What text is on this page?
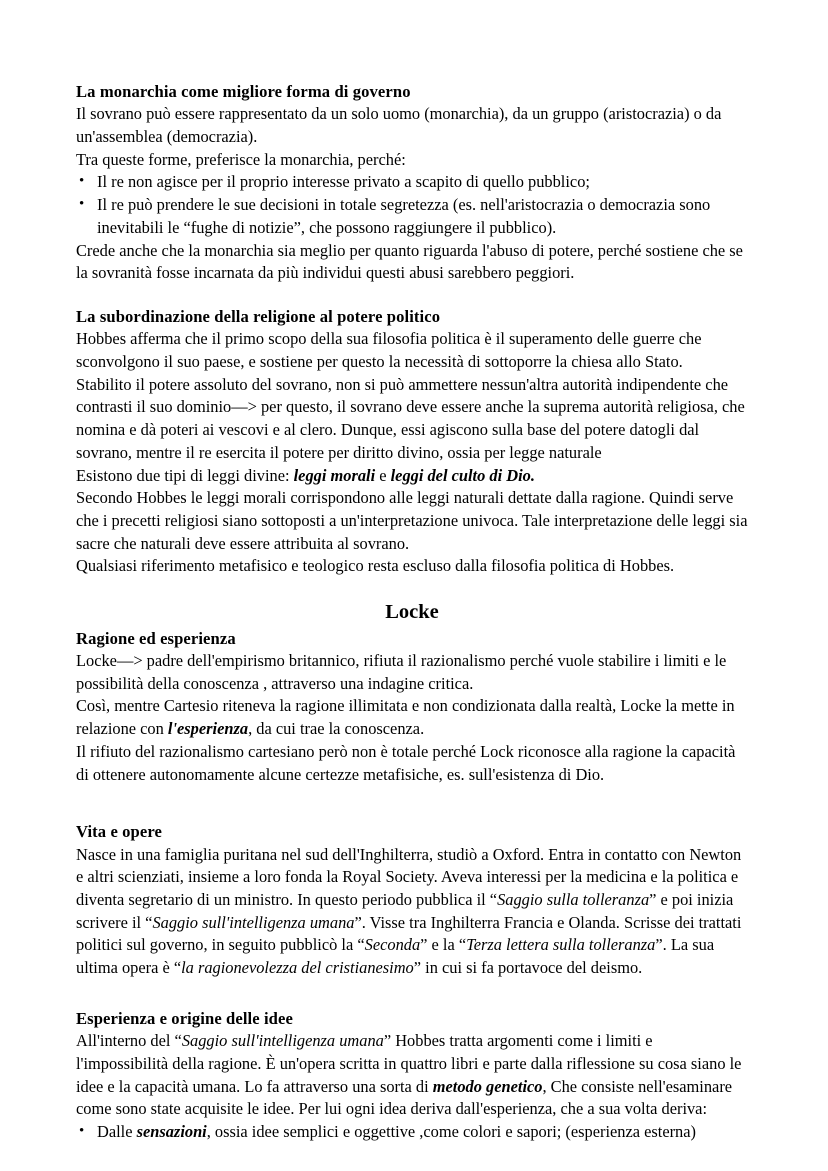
La monarchia come migliore forma di governo

Il sovrano può essere rappresentato da un solo uomo (monarchia), da un gruppo (aristocrazia) o da un'assemblea (democrazia).

Tra queste forme, preferisce la monarchia, perché:

• Il re non agisce per il proprio interesse privato a scapito di quello pubblico;
• Il re può prendere le sue decisioni in totale segretezza (es. nell'aristocrazia o democrazia sono inevitabili le “fughe di notizie”, che possono raggiungere il pubblico).

Crede anche che la monarchia sia meglio per quanto riguarda l'abuso di potere, perché sostiene che se la sovranità fosse incarnata da più individui questi abusi sarebbero peggiori.

La subordinazione della religione al potere politico

Hobbes afferma che il primo scopo della sua filosofia politica è il superamento delle guerre che sconvolgono il suo paese, e sostiene per questo la necessità di sottoporre la chiesa allo Stato.

Stabilito il potere assoluto del sovrano, non si può ammettere nessun'altra autorità indipendente che contrasti il suo dominio—> per questo, il sovrano deve essere anche la suprema autorità religiosa, che nomina e dà poteri ai vescovi e al clero. Dunque, essi agiscono sulla base del potere datogli dal sovrano, mentre il re esercita il potere per diritto divino, ossia per legge naturale

Esistono due tipi di leggi divine: leggi morali e leggi del culto di Dio.

Secondo Hobbes le leggi morali corrispondono alle leggi naturali dettate dalla ragione. Quindi serve che i precetti religiosi siano sottoposti a un'interpretazione univoca. Tale interpretazione delle leggi sia sacre che naturali deve essere attribuita al sovrano.

Qualsiasi riferimento metafisico e teologico resta escluso dalla filosofia politica di Hobbes.

Locke
Ragione ed esperienza

Locke—> padre dell'empirismo britannico, rifiuta il razionalismo perché vuole stabilire i limiti e le possibilità della conoscenza , attraverso una indagine critica.

Così, mentre Cartesio riteneva la ragione illimitata e non condizionata dalla realtà, Locke la mette in relazione con l'esperienza, da cui trae la conoscenza.

Il rifiuto del razionalismo cartesiano però non è totale perché Lock riconosce alla ragione la capacità di ottenere autonomamente alcune certezze metafisiche, es. sull'esistenza di Dio.

Vita e opere

Nasce in una famiglia puritana nel sud dell'Inghilterra, studiò a Oxford. Entra in contatto con Newton e altri scienziati, insieme a loro fonda la Royal Society. Aveva interessi per la medicina e la politica e diventa segretario di un ministro. In questo periodo pubblica il “Saggio sulla tolleranza” e poi inizia scrivere il “Saggio sull'intelligenza umana”. Visse tra Inghilterra Francia e Olanda. Scrisse dei trattati politici sul governo, in seguito pubblicò la “Seconda” e la “Terza lettera sulla tolleranza”. La sua ultima opera è “la ragionevolezza del cristianesimo” in cui si fa portavoce del deismo.

Esperienza e origine delle idee

All'interno del “Saggio sull'intelligenza umana” Hobbes tratta argomenti come i limiti e l'impossibilità della ragione. È un'opera scritta in quattro libri e parte dalla riflessione su cosa siano le idee e la capacità umana. Lo fa attraverso una sorta di metodo genetico, Che consiste nell'esaminare come sono state acquisite le idee. Per lui ogni idea deriva dall'esperienza, che a sua volta deriva:

• Dalle sensazioni, ossia idee semplici e oggettive ,come colori e sapori; (esperienza esterna)
